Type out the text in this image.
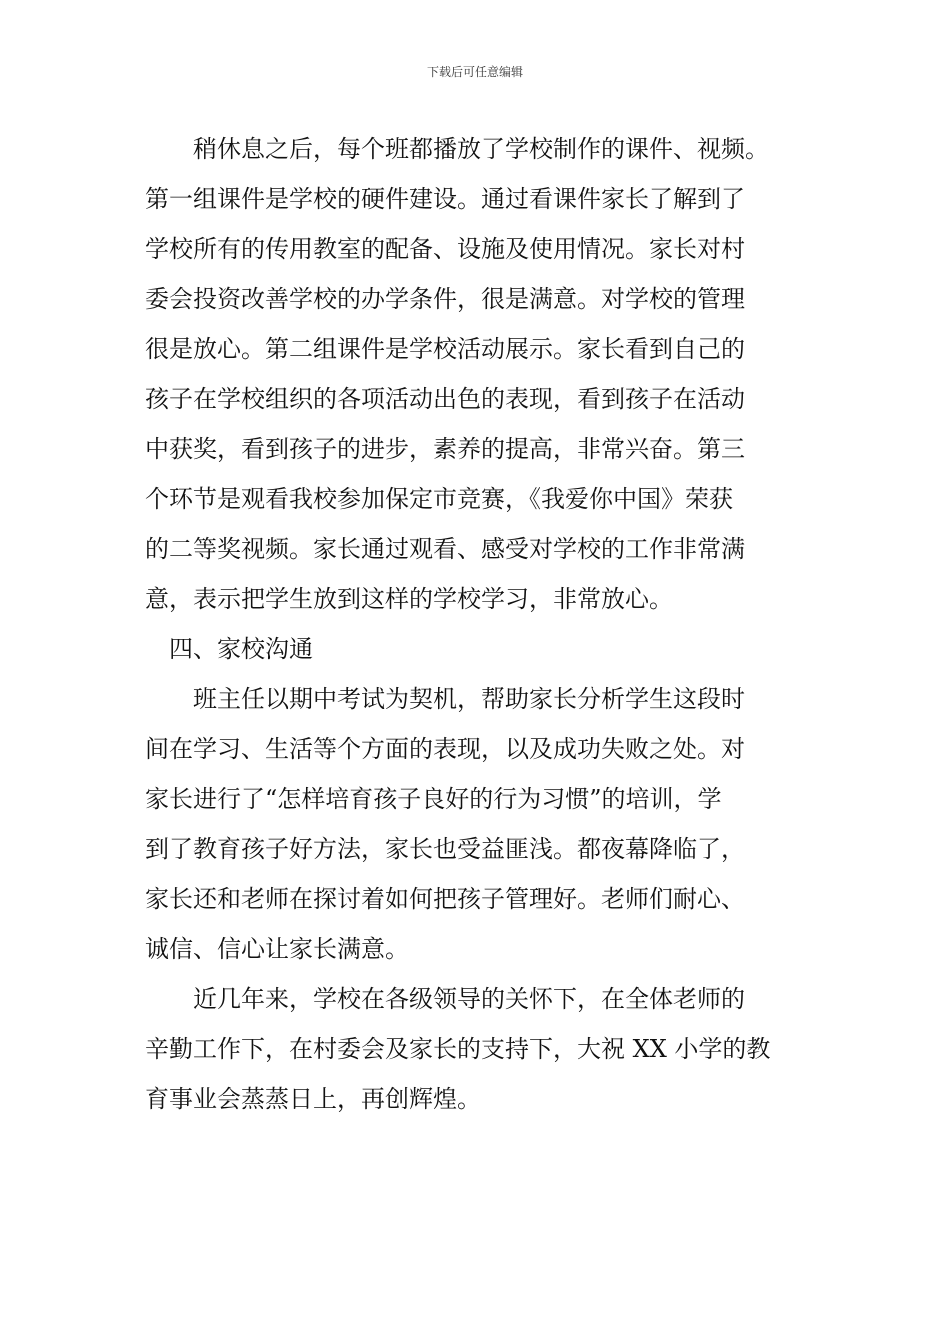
下载后可任意编辑
稍休息之后，每个班都播放了学校制作的课件、视频。
第一组课件是学校的硬件建设。通过看课件家长了解到了
学校所有的传用教室的配备、设施及使用情况。家长对村
委会投资改善学校的办学条件，很是满意。对学校的管理
很是放心。第二组课件是学校活动展示。家长看到自己的
孩子在学校组织的各项活动出色的表现，看到孩子在活动
中获奖，看到孩子的进步，素养的提高，非常兴奋。第三
个环节是观看我校参加保定市竞赛，《我爱你中国》荣获
的二等奖视频。家长通过观看、感受对学校的工作非常满
意，表示把学生放到这样的学校学习，非常放心。
四、家校沟通
班主任以期中考试为契机，帮助家长分析学生这段时
间在学习、生活等个方面的表现，以及成功失败之处。对
家长进行了“怎样培育孩子良好的行为习惯”的培训，学
到了教育孩子好方法，家长也受益匪浅。都夜幕降临了，
家长还和老师在探讨着如何把孩子管理好。老师们耐心、
诚信、信心让家长满意。
近几年来，学校在各级领导的关怀下，在全体老师的
辛勤工作下，在村委会及家长的支持下，大祝 XX 小学的教
育事业会蒸蒸日上，再创辉煌。
